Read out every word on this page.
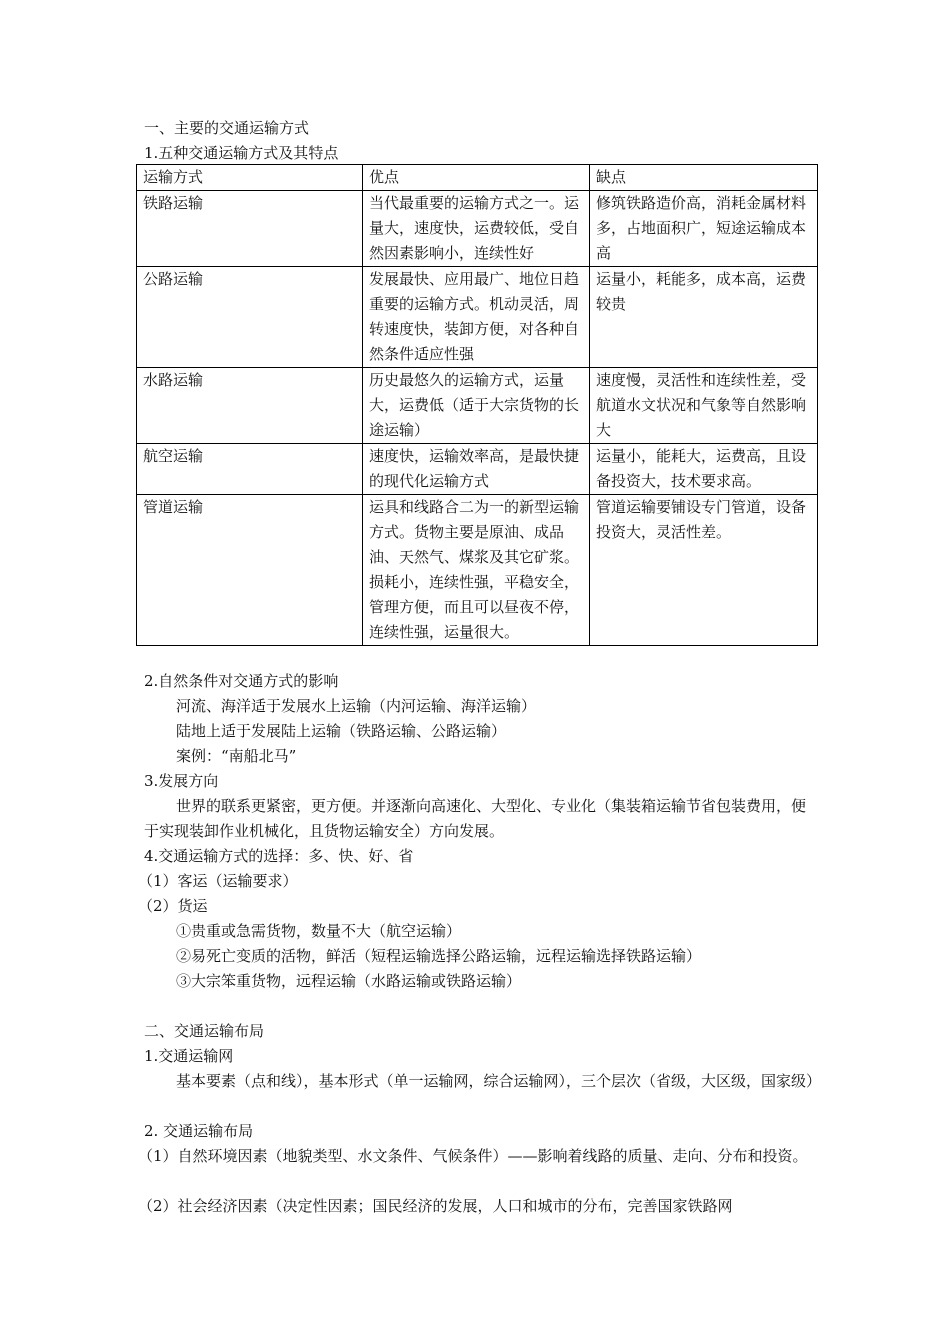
一、主要的交通运输方式
1.五种交通运输方式及其特点
运输方式	优点	缺点
铁路运输	当代最重要的运输方式之一。运量大，速度快，运费较低，受自然因素影响小，连续性好	修筑铁路造价高，消耗金属材料多，占地面积广，短途运输成本高
公路运输	发展最快、应用最广、地位日趋重要的运输方式。机动灵活，周转速度快，装卸方便，对各种自然条件适应性强	运量小，耗能多，成本高，运费较贵
水路运输	历史最悠久的运输方式，运量大，运费低（适于大宗货物的长途运输）	速度慢，灵活性和连续性差，受航道水文状况和气象等自然影响大
航空运输	速度快，运输效率高，是最快捷的现代化运输方式	运量小，能耗大，运费高，且设备投资大，技术要求高。
管道运输	运具和线路合二为一的新型运输方式。货物主要是原油、成品油、天然气、煤浆及其它矿浆。损耗小，连续性强，平稳安全，管理方便，而且可以昼夜不停，连续性强，运量很大。	管道运输要铺设专门管道，设备投资大，灵活性差。
2.自然条件对交通方式的影响
河流、海洋适于发展水上运输（内河运输、海洋运输）
陆地上适于发展陆上运输（铁路运输、公路运输）
案例：“南船北马”
3.发展方向
世界的联系更紧密，更方便。并逐渐向高速化、大型化、专业化（集装箱运输节省包装费用，便于实现装卸作业机械化，且货物运输安全）方向发展。
4.交通运输方式的选择：多、快、好、省
（1）客运（运输要求）
（2）货运
①贵重或急需货物，数量不大（航空运输）
②易死亡变质的活物，鲜活（短程运输选择公路运输，远程运输选择铁路运输）
③大宗笨重货物，远程运输（水路运输或铁路运输）
二、交通运输布局
1.交通运输网
基本要素（点和线），基本形式（单一运输网，综合运输网），三个层次（省级，大区级，国家级）
2. 交通运输布局
（1）自然环境因素（地貌类型、水文条件、气候条件）——影响着线路的质量、走向、分布和投资。
（2）社会经济因素（决定性因素；国民经济的发展，人口和城市的分布，完善国家铁路网
